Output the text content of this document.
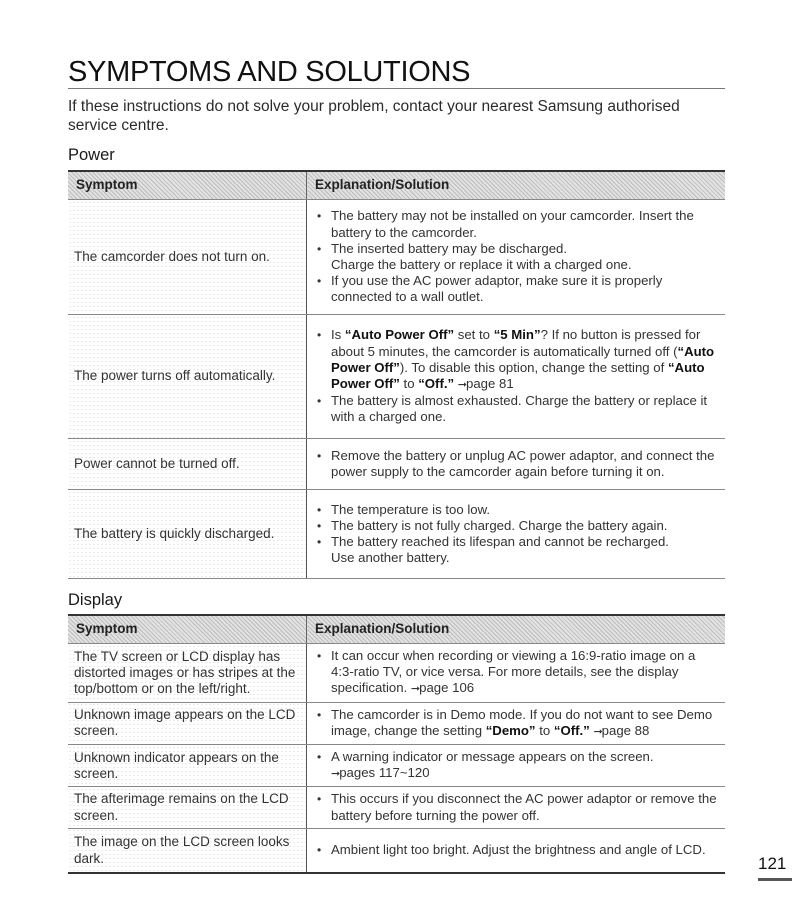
SYMPTOMS AND SOLUTIONS
If these instructions do not solve your problem, contact your nearest Samsung authorised service centre.
Power
Symptom	Explanation/Solution
The camcorder does not turn on.	
• The battery may not be installed on your camcorder. Insert the battery to the camcorder.
• The inserted battery may be discharged.
Charge the battery or replace it with a charged one.
• If you use the AC power adaptor, make sure it is properly connected to a wall outlet.

The power turns off automatically.	
• Is “Auto Power Off” set to “5 Min”? If no button is pressed for about 5 minutes, the camcorder is automatically turned off (“Auto Power Off”). To disable this option, change the setting of “Auto Power Off” to “Off.” ➞page 81
• The battery is almost exhausted. Charge the battery or replace it with a charged one.

Power cannot be turned off.	
• Remove the battery or unplug AC power adaptor, and connect the power supply to the camcorder again before turning it on.

The battery is quickly discharged.	
• The temperature is too low.
• The battery is not fully charged. Charge the battery again.
• The battery reached its lifespan and cannot be recharged.
Use another battery.
Display
Symptom	Explanation/Solution
The TV screen or LCD display has distorted images or has stripes at the top/bottom or on the left/right.	
• It can occur when recording or viewing a 16:9-ratio image on a 4:3-ratio TV, or vice versa. For more details, see the display specification. ➞page 106

Unknown image appears on the LCD screen.	
• The camcorder is in Demo mode. If you do not want to see Demo image, change the setting “Demo” to “Off.” ➞page 88

Unknown indicator appears on the screen.	
• A warning indicator or message appears on the screen.
➞pages 117~120

The afterimage remains on the LCD screen.	
• This occurs if you disconnect the AC power adaptor or remove the battery before turning the power off.

The image on the LCD screen looks dark.	
• Ambient light too bright. Adjust the brightness and angle of LCD.
121
